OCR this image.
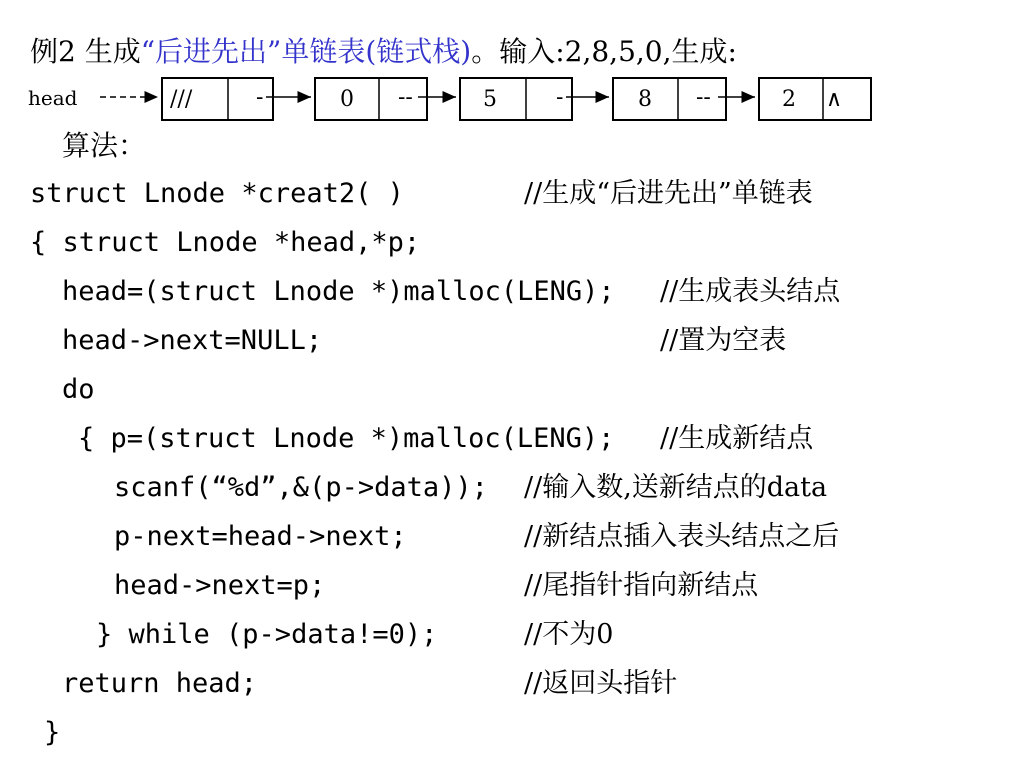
例2 生成“后进先出”单链表(链式栈)。输入:2,8,5,0,生成:
head	///	-	0 --	5	-	8 --	2 ∧
算法：
struct Lnode *creat2( )	//生成“后进先出”单链表
{ struct Lnode *head,*p;
head=(struct Lnode *)malloc(LENG); //生成表头结点
head->next=NULL;	//置为空表
do
{ p=(struct Lnode *)malloc(LENG); //生成新结点
scanf(“%d”,&(p->data)); //输入数,送新结点的data
p-next=head->next;	//新结点插入表头结点之后
head->next=p;	//尾指针指向新结点
} while (p->data!=0);	//不为0
return head;	//返回头指针
}
